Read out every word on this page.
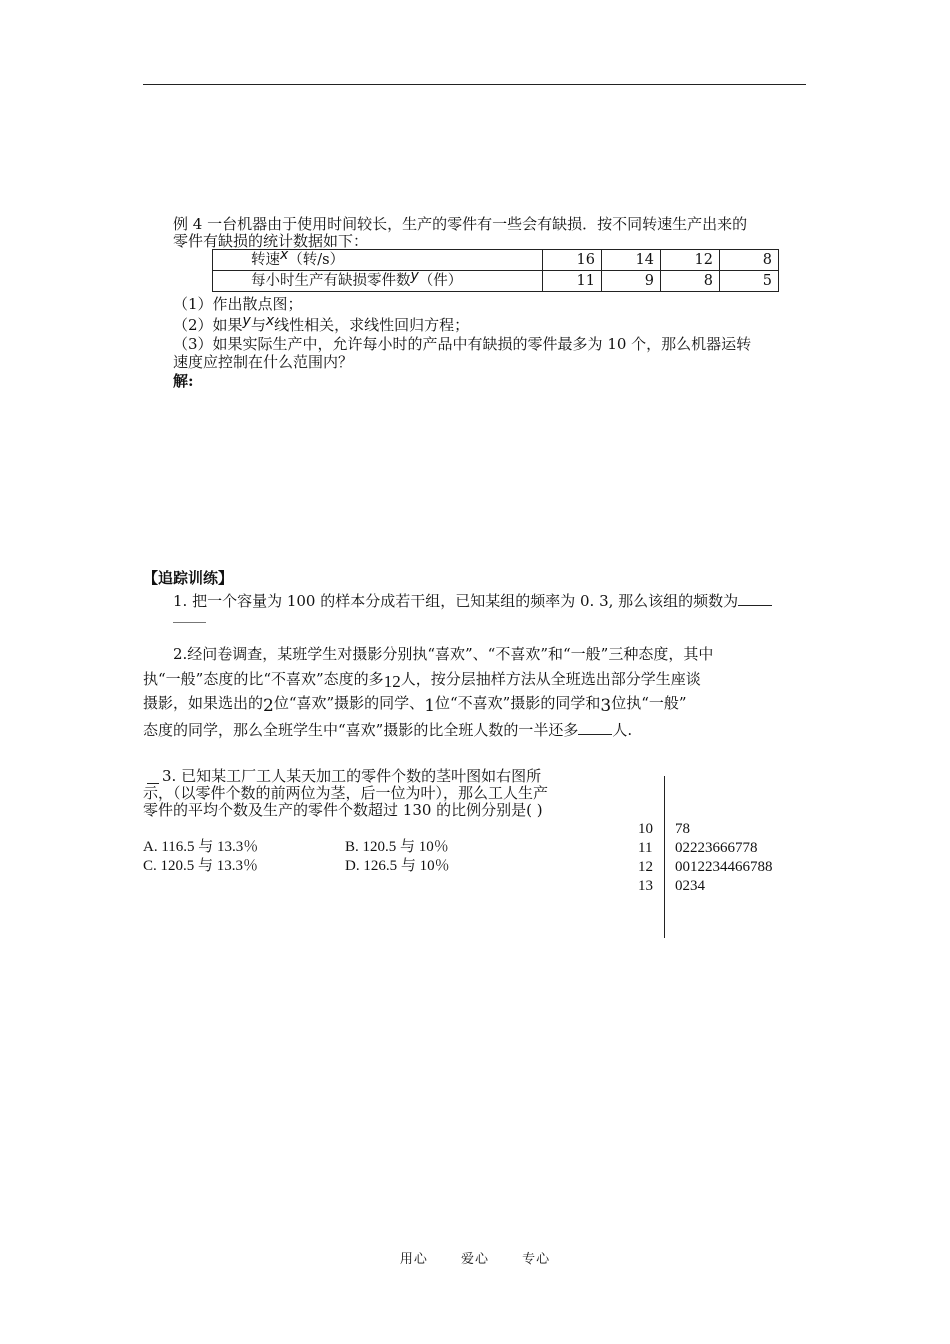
例 4 一台机器由于使用时间较长，生产的零件有一些会有缺损．按不同转速生产出来的
零件有缺损的统计数据如下：
转速x（转/s）	16	14	12	8
每小时生产有缺损零件数y（件）	11	9	8	5
（1）作出散点图；
（2）如果y与x线性相关，求线性回归方程；
（3）如果实际生产中，允许每小时的产品中有缺损的零件最多为 10 个，那么机器运转
速度应控制在什么范围内？
解:
【追踪训练】
1. 把一个容量为 100 的样本分成若干组，已知某组的频率为 0. 3, 那么该组的频数为
2.经问卷调查，某班学生对摄影分别执“喜欢”、“不喜欢”和“一般”三种态度，其中
执“一般”态度的比“不喜欢”态度的多12人，按分层抽样方法从全班选出部分学生座谈
摄影，如果选出的2位“喜欢”摄影的同学、1位“不喜欢”摄影的同学和3位执“一般”
态度的同学，那么全班学生中“喜欢”摄影的比全班人数的一半还多 人.
3. 已知某工厂工人某天加工的零件个数的茎叶图如右图所
示，（以零件个数的前两位为茎，后一位为叶），那么工人生产
零件的平均个数及生产的零件个数超过 130 的比例分别是( )
A. 116.5 与 13.3％	B. 120.5 与 10％
C. 120.5 与 13.3％	D. 126.5 与 10％
10 78
11 02223666778
12 0012234466788
13 0234
用心	爱心	专心
